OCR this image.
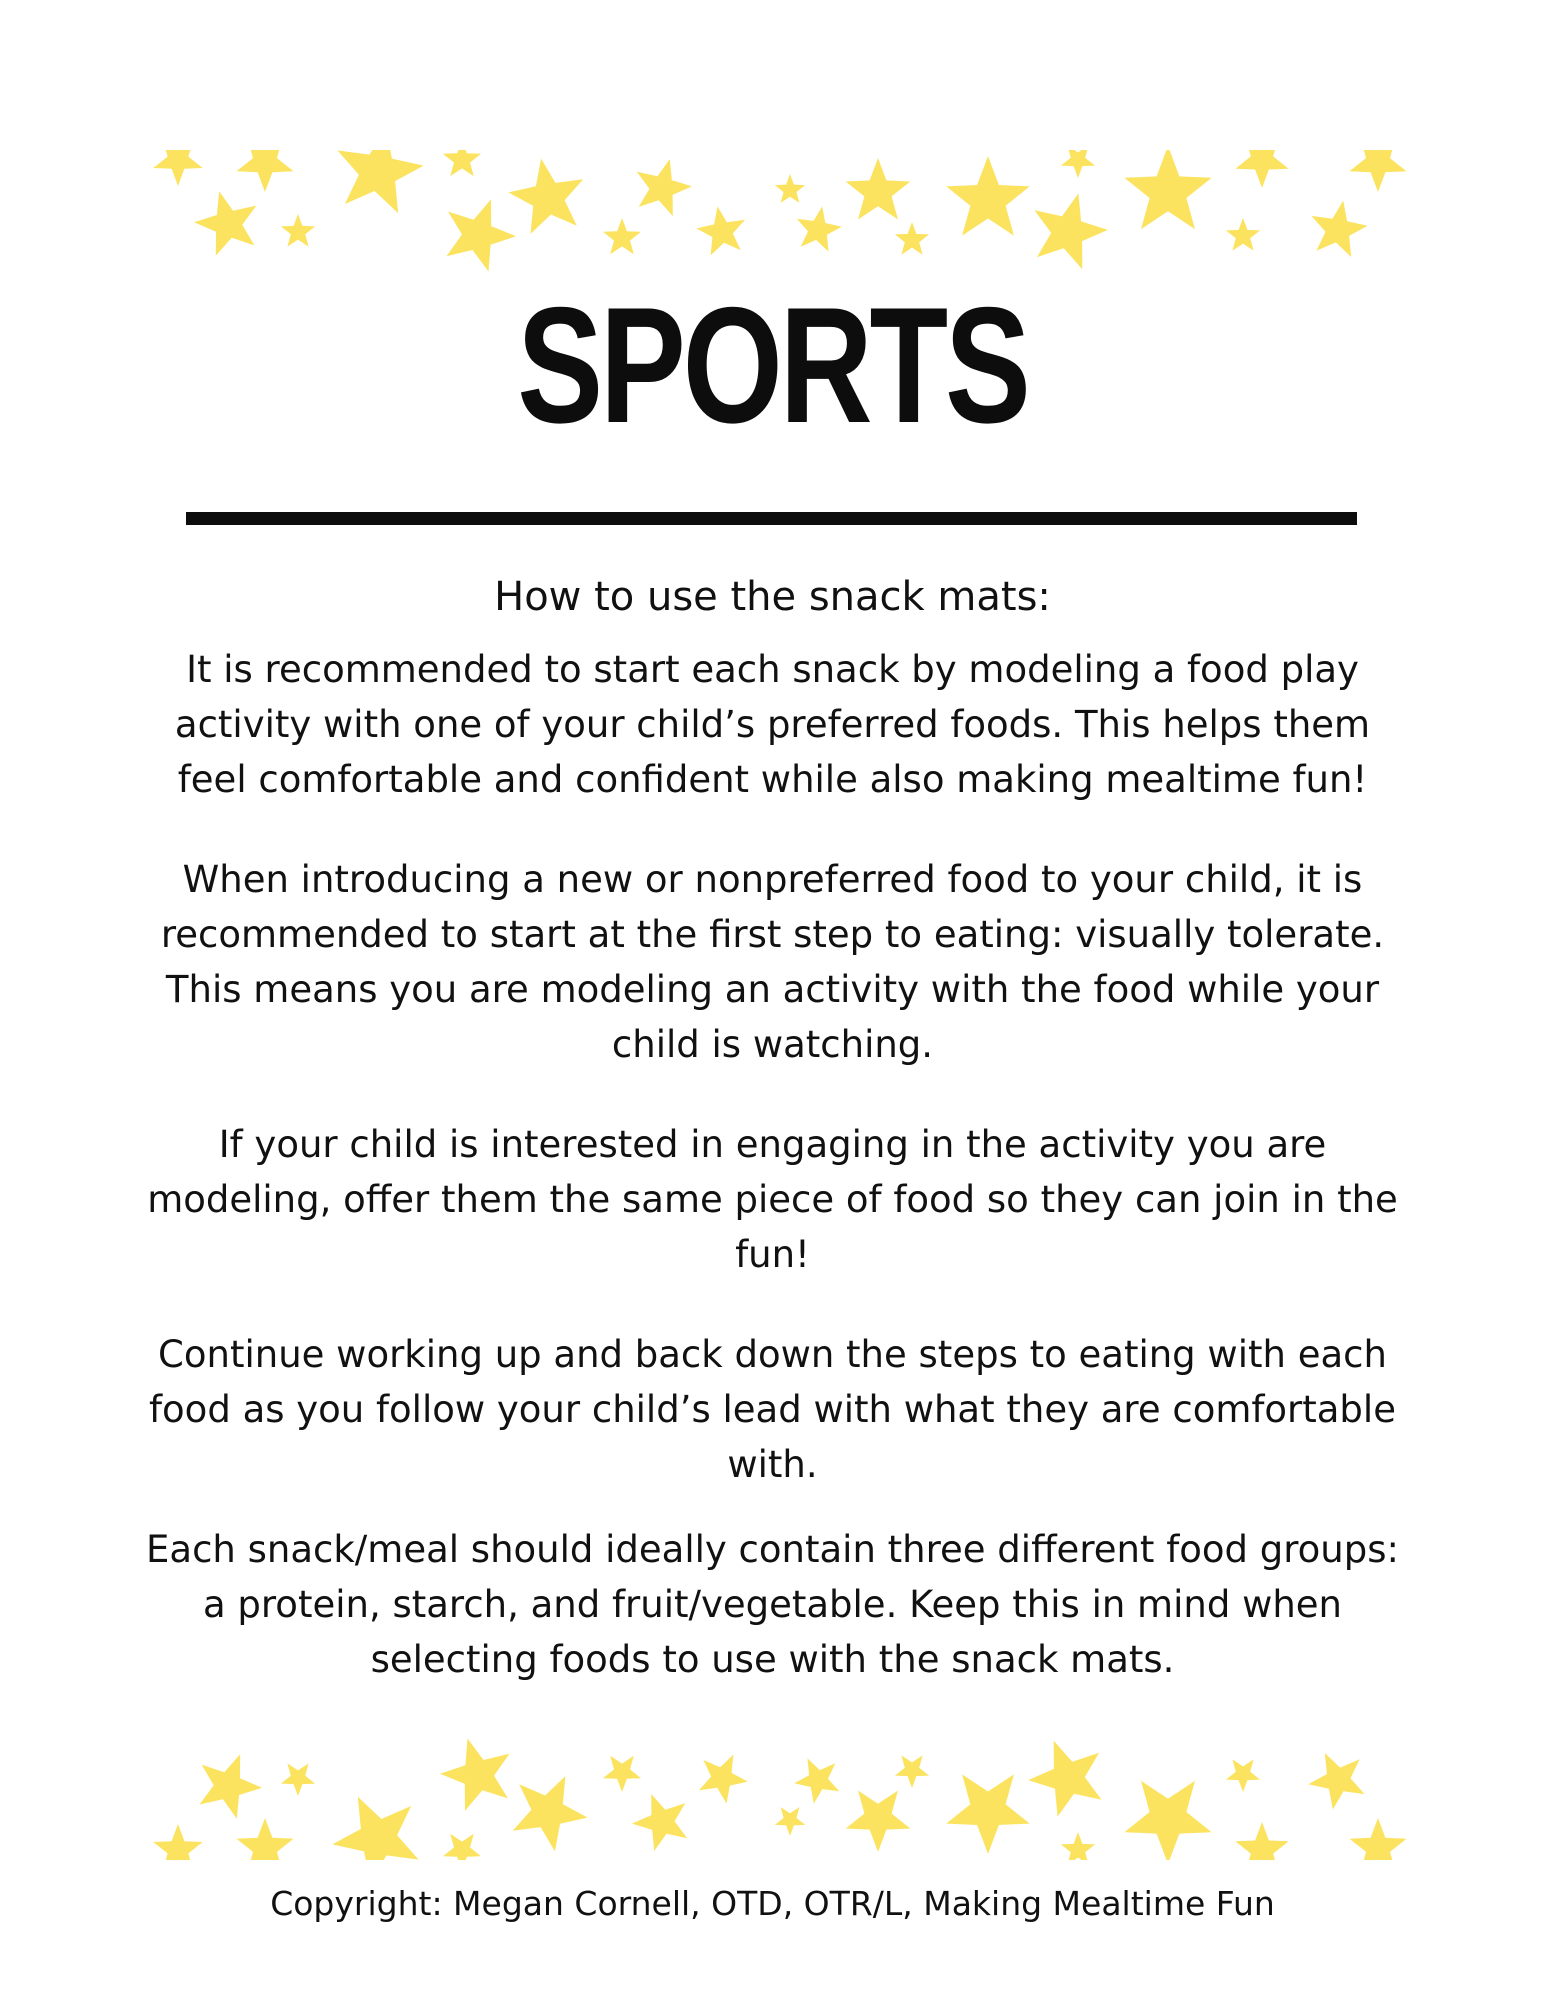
SPORTS

How to use the snack mats:

It is recommended to start each snack by modeling a food play activity with one of your child’s preferred foods. This helps them feel comfortable and confident while also making mealtime fun!

When introducing a new or nonpreferred food to your child, it is recommended to start at the first step to eating: visually tolerate. This means you are modeling an activity with the food while your child is watching.

If your child is interested in engaging in the activity you are modeling, offer them the same piece of food so they can join in the fun!

Continue working up and back down the steps to eating with each food as you follow your child’s lead with what they are comfortable with.

Each snack/meal should ideally contain three different food groups: a protein, starch, and fruit/vegetable. Keep this in mind when selecting foods to use with the snack mats.

Copyright: Megan Cornell, OTD, OTR/L, Making Mealtime Fun
